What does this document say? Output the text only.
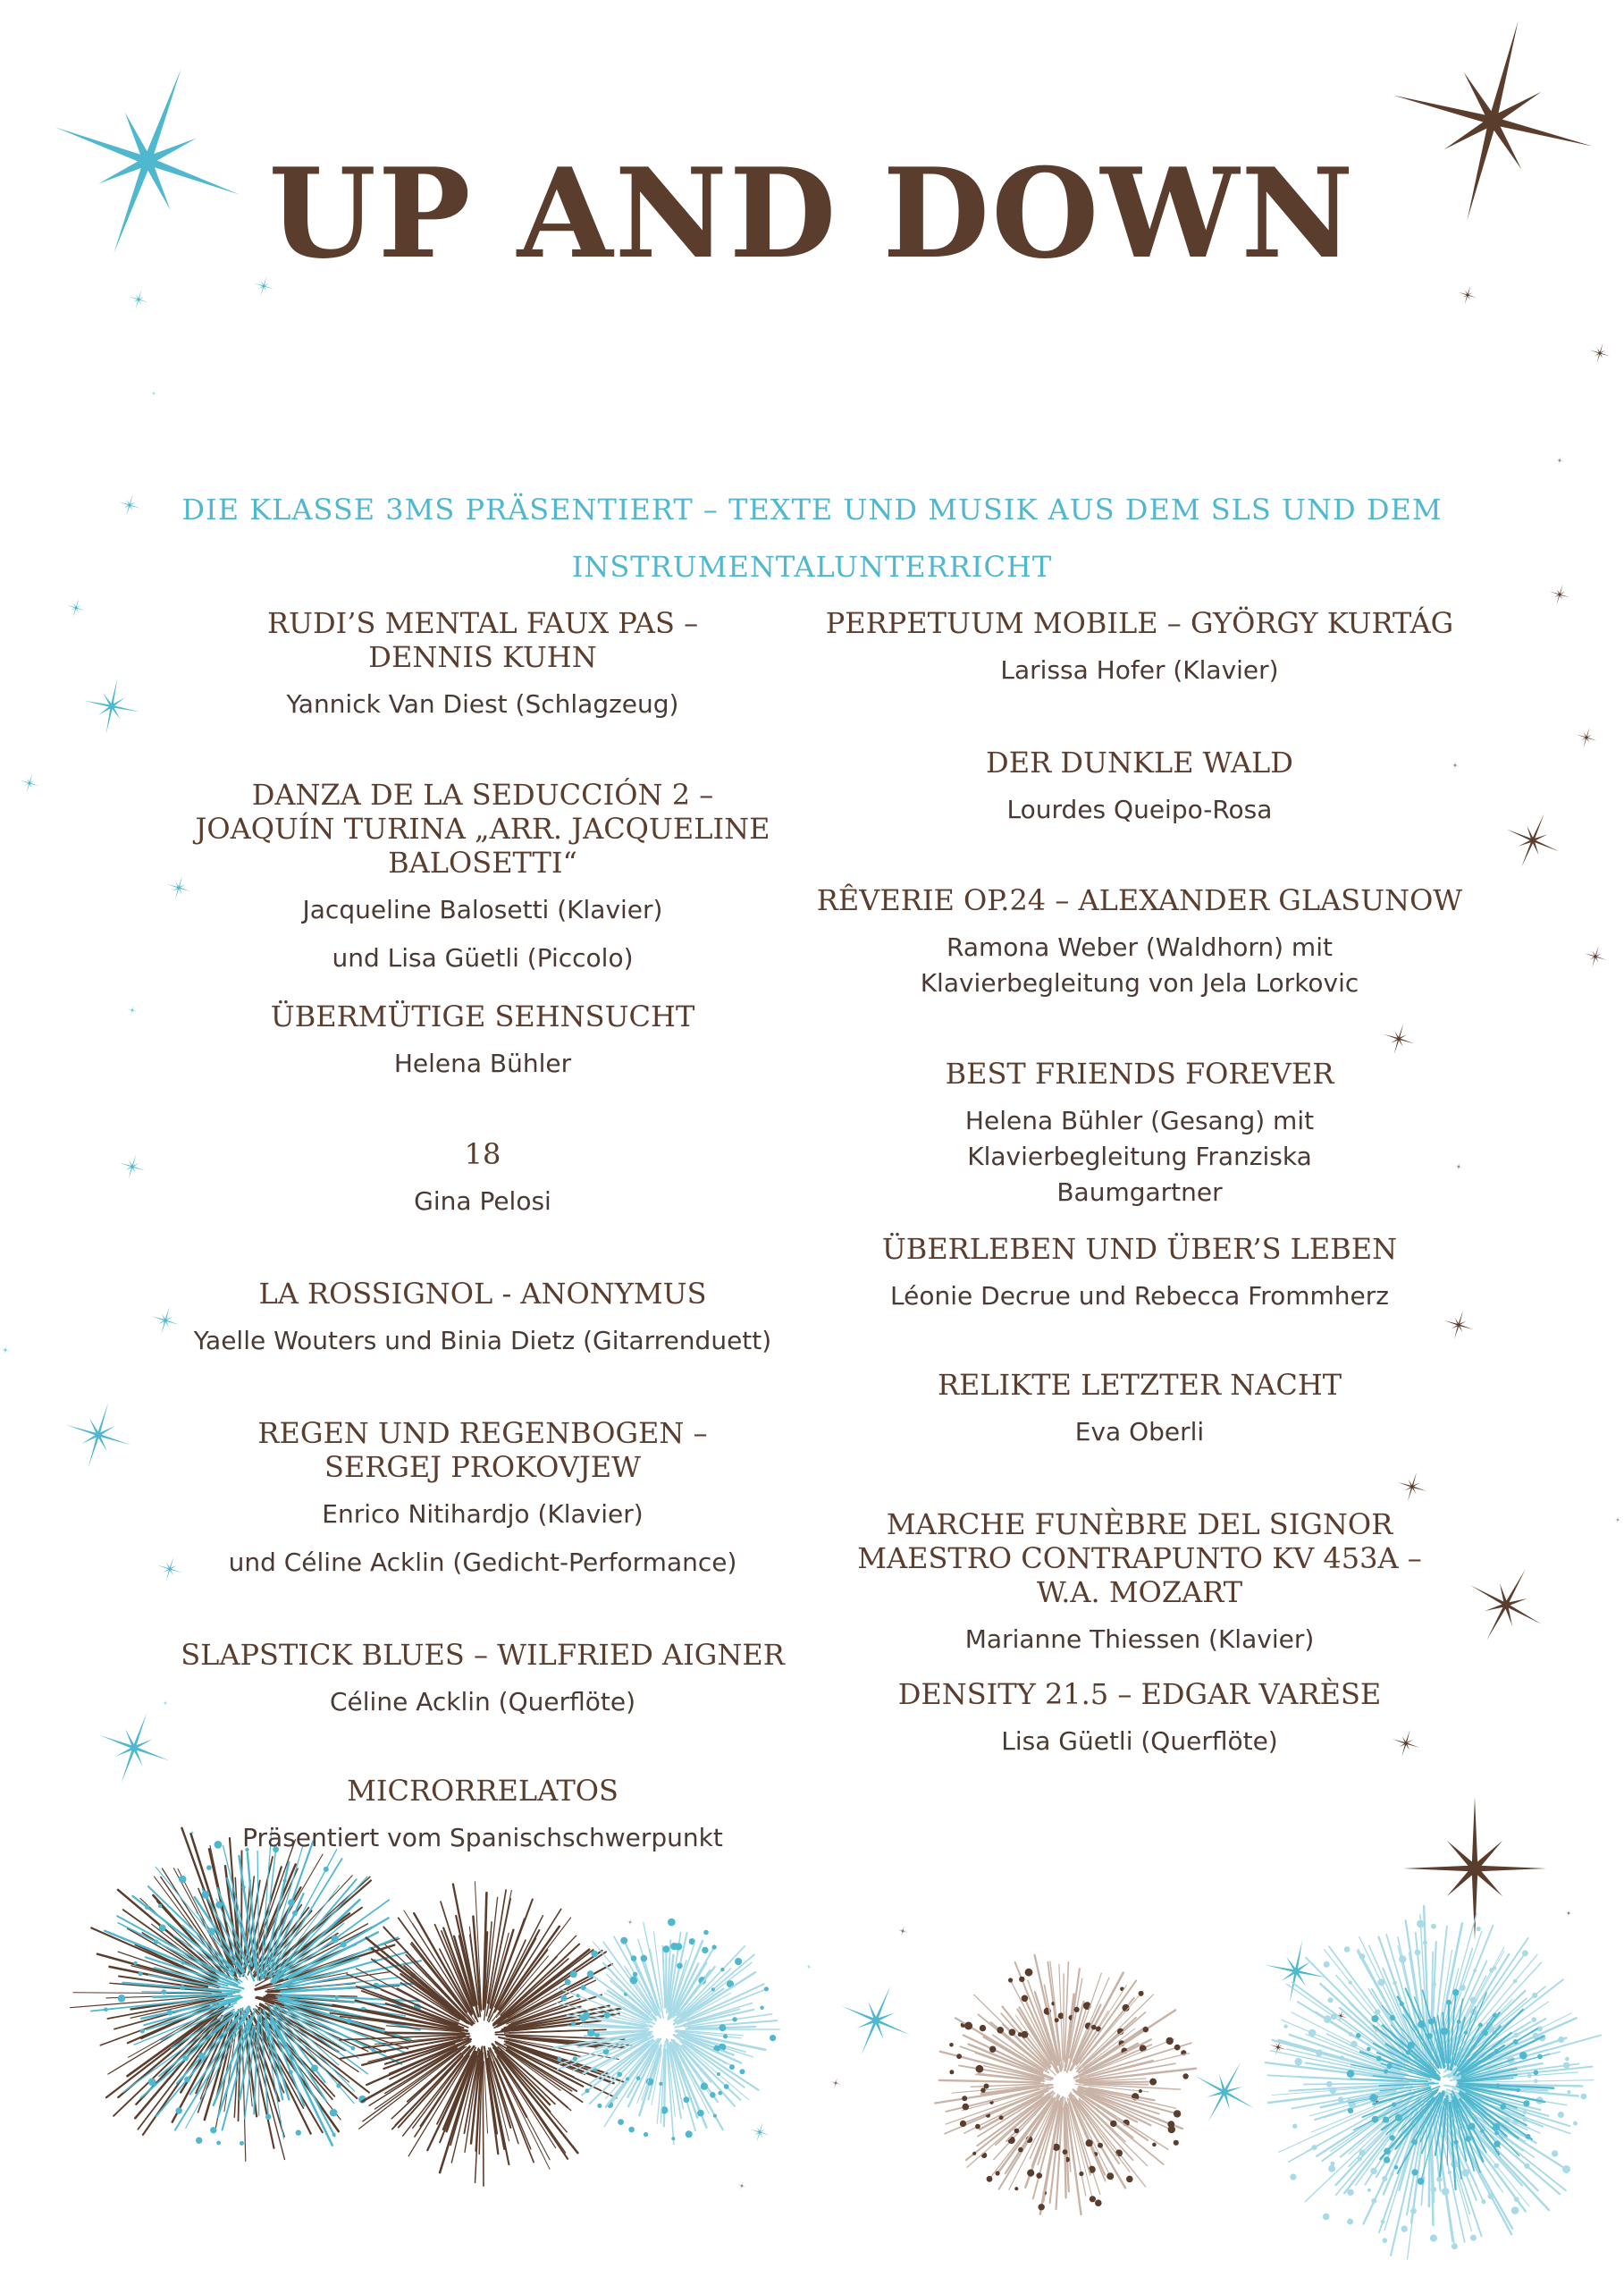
UP AND DOWN
DIE KLASSE 3MS PRÄSENTIERT – TEXTE UND MUSIK AUS DEM SLS UND DEM INSTRUMENTALUNTERRICHT
RUDI’S MENTAL FAUX PAS – DENNIS KUHN
Yannick Van Diest (Schlagzeug)
DANZA DE LA SEDUCCIÓN 2 – JOAQUÍN TURINA „ARR. JACQUELINE BALOSETTI“
Jacqueline Balosetti (Klavier)
und Lisa Güetli (Piccolo)
ÜBERMÜTIGE SEHNSUCHT
Helena Bühler
18
Gina Pelosi
LA ROSSIGNOL - ANONYMUS
Yaelle Wouters und Binia Dietz (Gitarrenduett)
REGEN UND REGENBOGEN – SERGEJ PROKOVJEW
Enrico Nitihardjo (Klavier)
und Céline Acklin (Gedicht-Performance)
SLAPSTICK BLUES – WILFRIED AIGNER
Céline Acklin (Querflöte)
MICRORRELATOS
Präsentiert vom Spanischschwerpunkt
PERPETUUM MOBILE – GYÖRGY KURTÁG
Larissa Hofer (Klavier)
DER DUNKLE WALD
Lourdes Queipo-Rosa
RÊVERIE OP.24 – ALEXANDER GLASUNOW
Ramona Weber (Waldhorn) mit Klavierbegleitung von Jela Lorkovic
BEST FRIENDS FOREVER
Helena Bühler (Gesang) mit Klavierbegleitung Franziska Baumgartner
ÜBERLEBEN UND ÜBER’S LEBEN
Léonie Decrue und Rebecca Frommherz
RELIKTE LETZTER NACHT
Eva Oberli
MARCHE FUNÈBRE DEL SIGNOR MAESTRO CONTRAPUNTO KV 453A – W.A. MOZART
Marianne Thiessen (Klavier)
DENSITY 21.5 – EDGAR VARÈSE
Lisa Güetli (Querflöte)
